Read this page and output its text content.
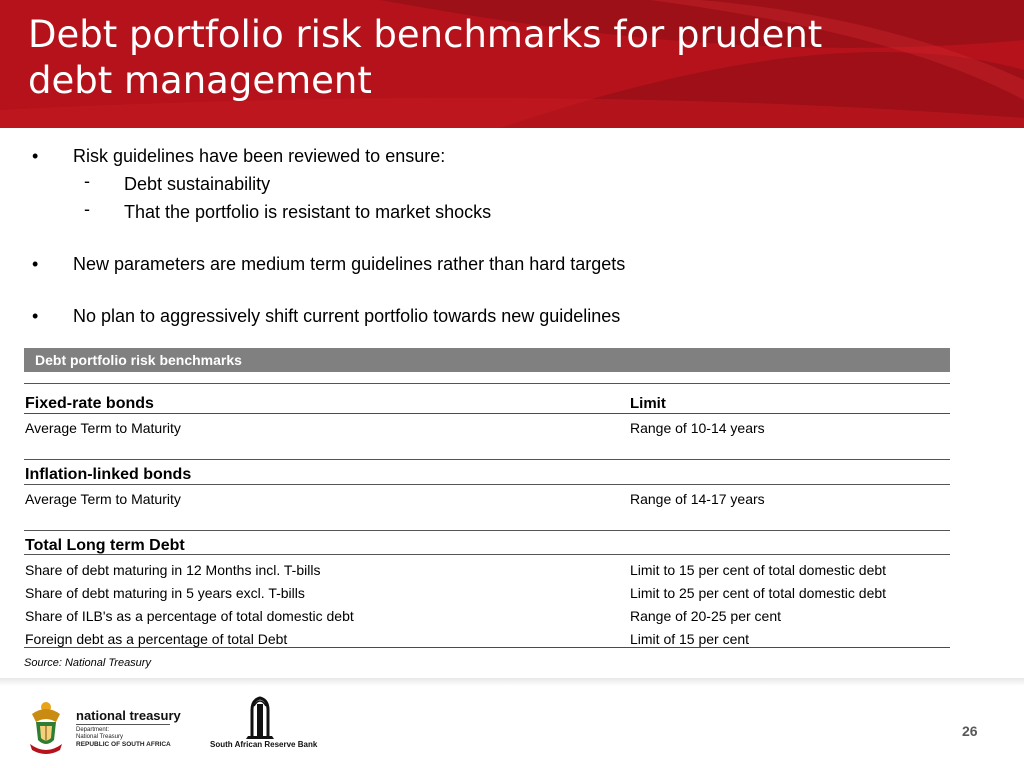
Debt portfolio risk benchmarks for prudent
debt management
• Risk guidelines have been reviewed to ensure:
- Debt sustainability
- That the portfolio is resistant to market shocks
• New parameters are medium term guidelines rather than hard targets
• No plan to aggressively shift current portfolio towards new guidelines
Debt portfolio risk benchmarks
Fixed-rate bonds	Limit
Average Term to Maturity	Range of 10-14 years
Inflation-linked bonds
Average Term to Maturity	Range of 14-17 years
Total Long term Debt
Share of debt maturing in 12 Months incl. T-bills	Limit to 15 per cent of total domestic debt
Share of debt maturing in 5 years excl. T-bills	Limit to 25 per cent of total domestic debt
Share of ILB's as a percentage of total domestic debt	Range of 20-25 per cent
Foreign debt as a percentage of total Debt	Limit of 15 per cent
Source: National Treasury
national treasury
Department:
National Treasury
REPUBLIC OF SOUTH AFRICA	South African Reserve Bank
26
